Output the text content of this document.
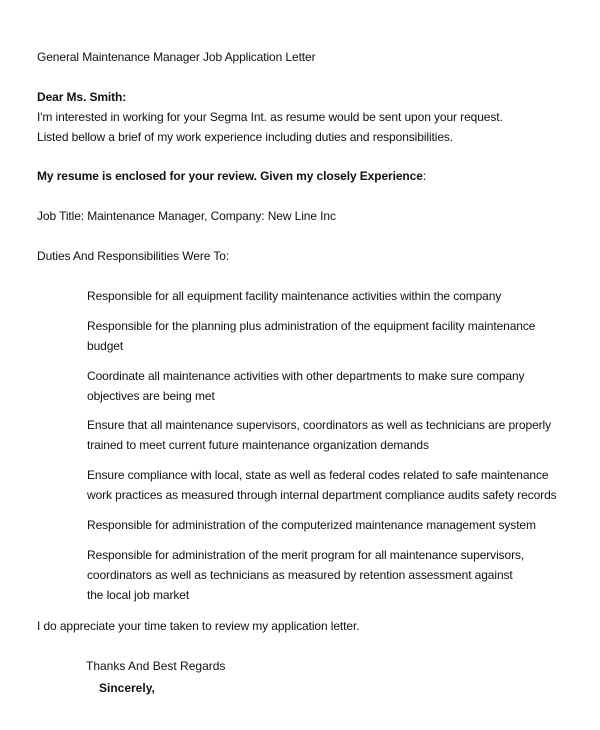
General Maintenance Manager Job Application Letter
Dear Ms. Smith:
I'm interested in working for your Segma Int. as resume would be sent upon your request. Listed bellow a brief of my work experience including duties and responsibilities.
My resume is enclosed for your review. Given my closely Experience:
Job Title: Maintenance Manager, Company: New Line Inc
Duties And Responsibilities Were To:
Responsible for all equipment facility maintenance activities within the company
Responsible for the planning plus administration of the equipment facility maintenance budget
Coordinate all maintenance activities with other departments to make sure company objectives are being met
Ensure that all maintenance supervisors, coordinators as well as technicians are properly trained to meet current future maintenance organization demands
Ensure compliance with local, state as well as federal codes related to safe maintenance work practices as measured through internal department compliance audits safety records
Responsible for administration of the computerized maintenance management system
Responsible for administration of the merit program for all maintenance supervisors, coordinators as well as technicians as measured by retention assessment against the local job market
I do appreciate your time taken to review my application letter.
Thanks And Best Regards
Sincerely,
